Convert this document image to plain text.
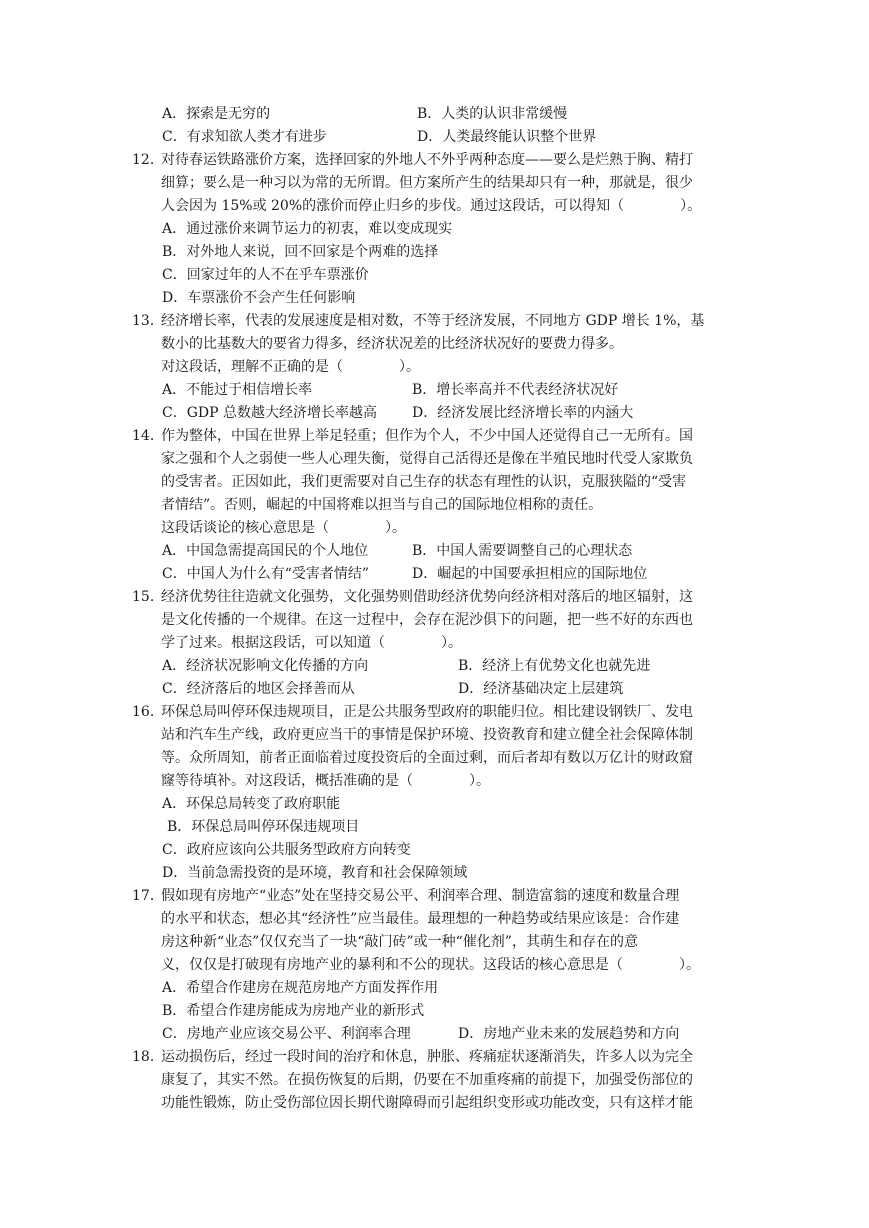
A．探索是无穷的	B．人类的认识非常缓慢
C．有求知欲人类才有进步	D．人类最终能认识整个世界
12．
对待春运铁路涨价方案，选择回家的外地人不外乎两种态度——要么是烂熟于胸、精打
细算；要么是一种习以为常的无所谓。但方案所产生的结果却只有一种，那就是，很少
人会因为 15%或 20%的涨价而停止归乡的步伐。通过这段话，可以得知（　　　　）。
A．通过涨价来调节运力的初衷，难以变成现实
B．对外地人来说，回不回家是个两难的选择
C．回家过年的人不在乎车票涨价
D．车票涨价不会产生任何影响
13．
经济增长率，代表的发展速度是相对数，不等于经济发展，不同地方 GDP 增长 1%，基
数小的比基数大的要省力得多，经济状况差的比经济状况好的要费力得多。
对这段话，理解不正确的是（　　　　）。
A．不能过于相信增长率	B．增长率高并不代表经济状况好
C．GDP 总数越大经济增长率越高	D．经济发展比经济增长率的内涵大
14．
作为整体，中国在世界上举足轻重；但作为个人，不少中国人还觉得自己一无所有。国
家之强和个人之弱使一些人心理失衡，觉得自己活得还是像在半殖民地时代受人家欺负
的受害者。正因如此，我们更需要对自己生存的状态有理性的认识，克服狭隘的“受害
者情结”。否则，崛起的中国将难以担当与自己的国际地位相称的责任。
这段话谈论的核心意思是（　　　　）。
A．中国急需提高国民的个人地位	B．中国人需要调整自己的心理状态
C．中国人为什么有“受害者情结”	D．崛起的中国要承担相应的国际地位
15．
经济优势往往造就文化强势，文化强势则借助经济优势向经济相对落后的地区辐射，这
是文化传播的一个规律。在这一过程中，会存在泥沙俱下的问题，把一些不好的东西也
学了过来。根据这段话，可以知道（　　　　）。
A．经济状况影响文化传播的方向	B．经济上有优势文化也就先进
C．经济落后的地区会择善而从	D．经济基础决定上层建筑
16．
环保总局叫停环保违规项目，正是公共服务型政府的职能归位。相比建设钢铁厂、发电
站和汽车生产线，政府更应当干的事情是保护环境、投资教育和建立健全社会保障体制
等。众所周知，前者正面临着过度投资后的全面过剩，而后者却有数以万亿计的财政窟
窿等待填补。对这段话，概括准确的是（　　　　）。
A．环保总局转变了政府职能
B．环保总局叫停环保违规项目
C．政府应该向公共服务型政府方向转变
D．当前急需投资的是环境，教育和社会保障领域
17．
假如现有房地产“业态”处在坚持交易公平、利润率合理、制造富翁的速度和数量合理
的水平和状态，想必其“经济性”应当最佳。最理想的一种趋势或结果应该是：合作建
房这种新“业态”仅仅充当了一块“敲门砖”或一种“催化剂”，其萌生和存在的意
义，仅仅是打破现有房地产业的暴利和不公的现状。这段话的核心意思是（　　　　）。
A．希望合作建房在规范房地产方面发挥作用
B．希望合作建房能成为房地产业的新形式
C．房地产业应该交易公平、利润率合理	D．房地产业未来的发展趋势和方向
18．
运动损伤后，经过一段时间的治疗和休息，肿胀、疼痛症状逐渐消失，许多人以为完全
康复了，其实不然。在损伤恢复的后期，仍要在不加重疼痛的前提下，加强受伤部位的
功能性锻炼，防止受伤部位因长期代谢障碍而引起组织变形或功能改变，只有这样才能
